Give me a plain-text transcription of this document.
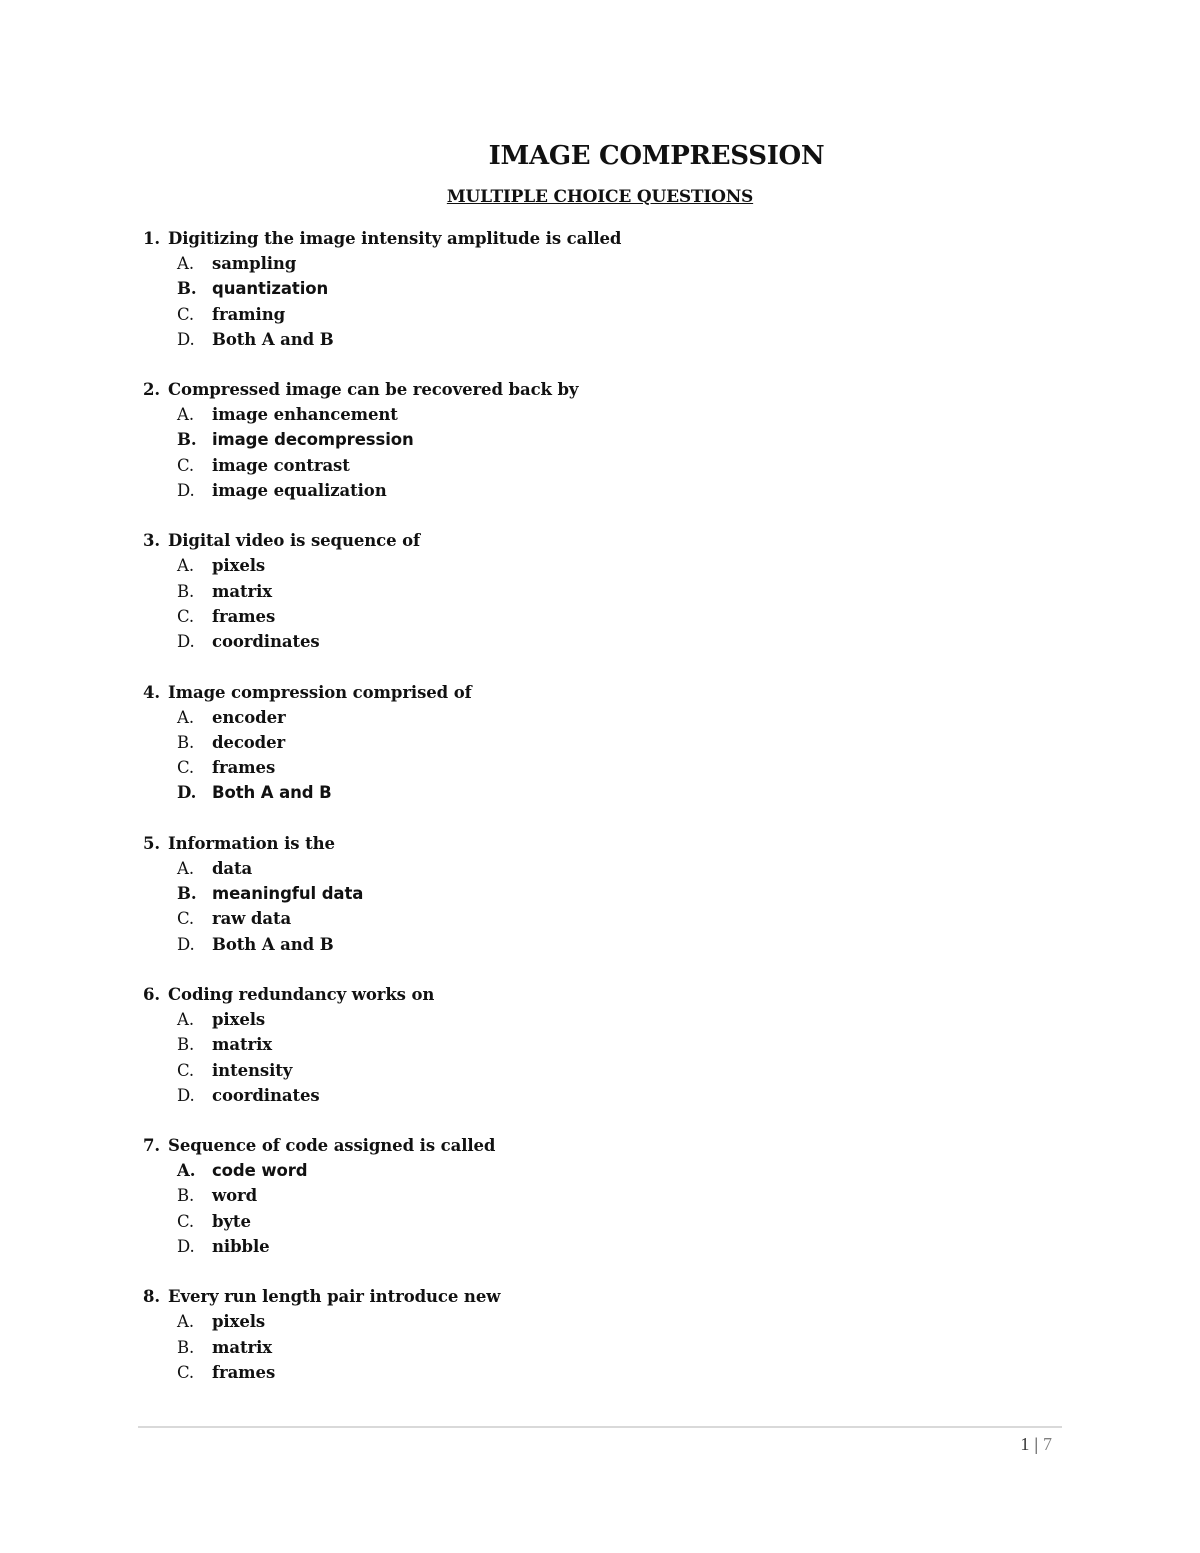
IMAGE COMPRESSION
MULTIPLE CHOICE QUESTIONS
1. Digitizing the image intensity amplitude is called
A. sampling
B. quantization
C. framing
D. Both A and B
2. Compressed image can be recovered back by
A. image enhancement
B. image decompression
C. image contrast
D. image equalization
3. Digital video is sequence of
A. pixels
B. matrix
C. frames
D. coordinates
4. Image compression comprised of
A. encoder
B. decoder
C. frames
D. Both A and B
5. Information is the
A. data
B. meaningful data
C. raw data
D. Both A and B
6. Coding redundancy works on
A. pixels
B. matrix
C. intensity
D. coordinates
7. Sequence of code assigned is called
A. code word
B. word
C. byte
D. nibble
8. Every run length pair introduce new
A. pixels
B. matrix
C. frames
1 | 7
